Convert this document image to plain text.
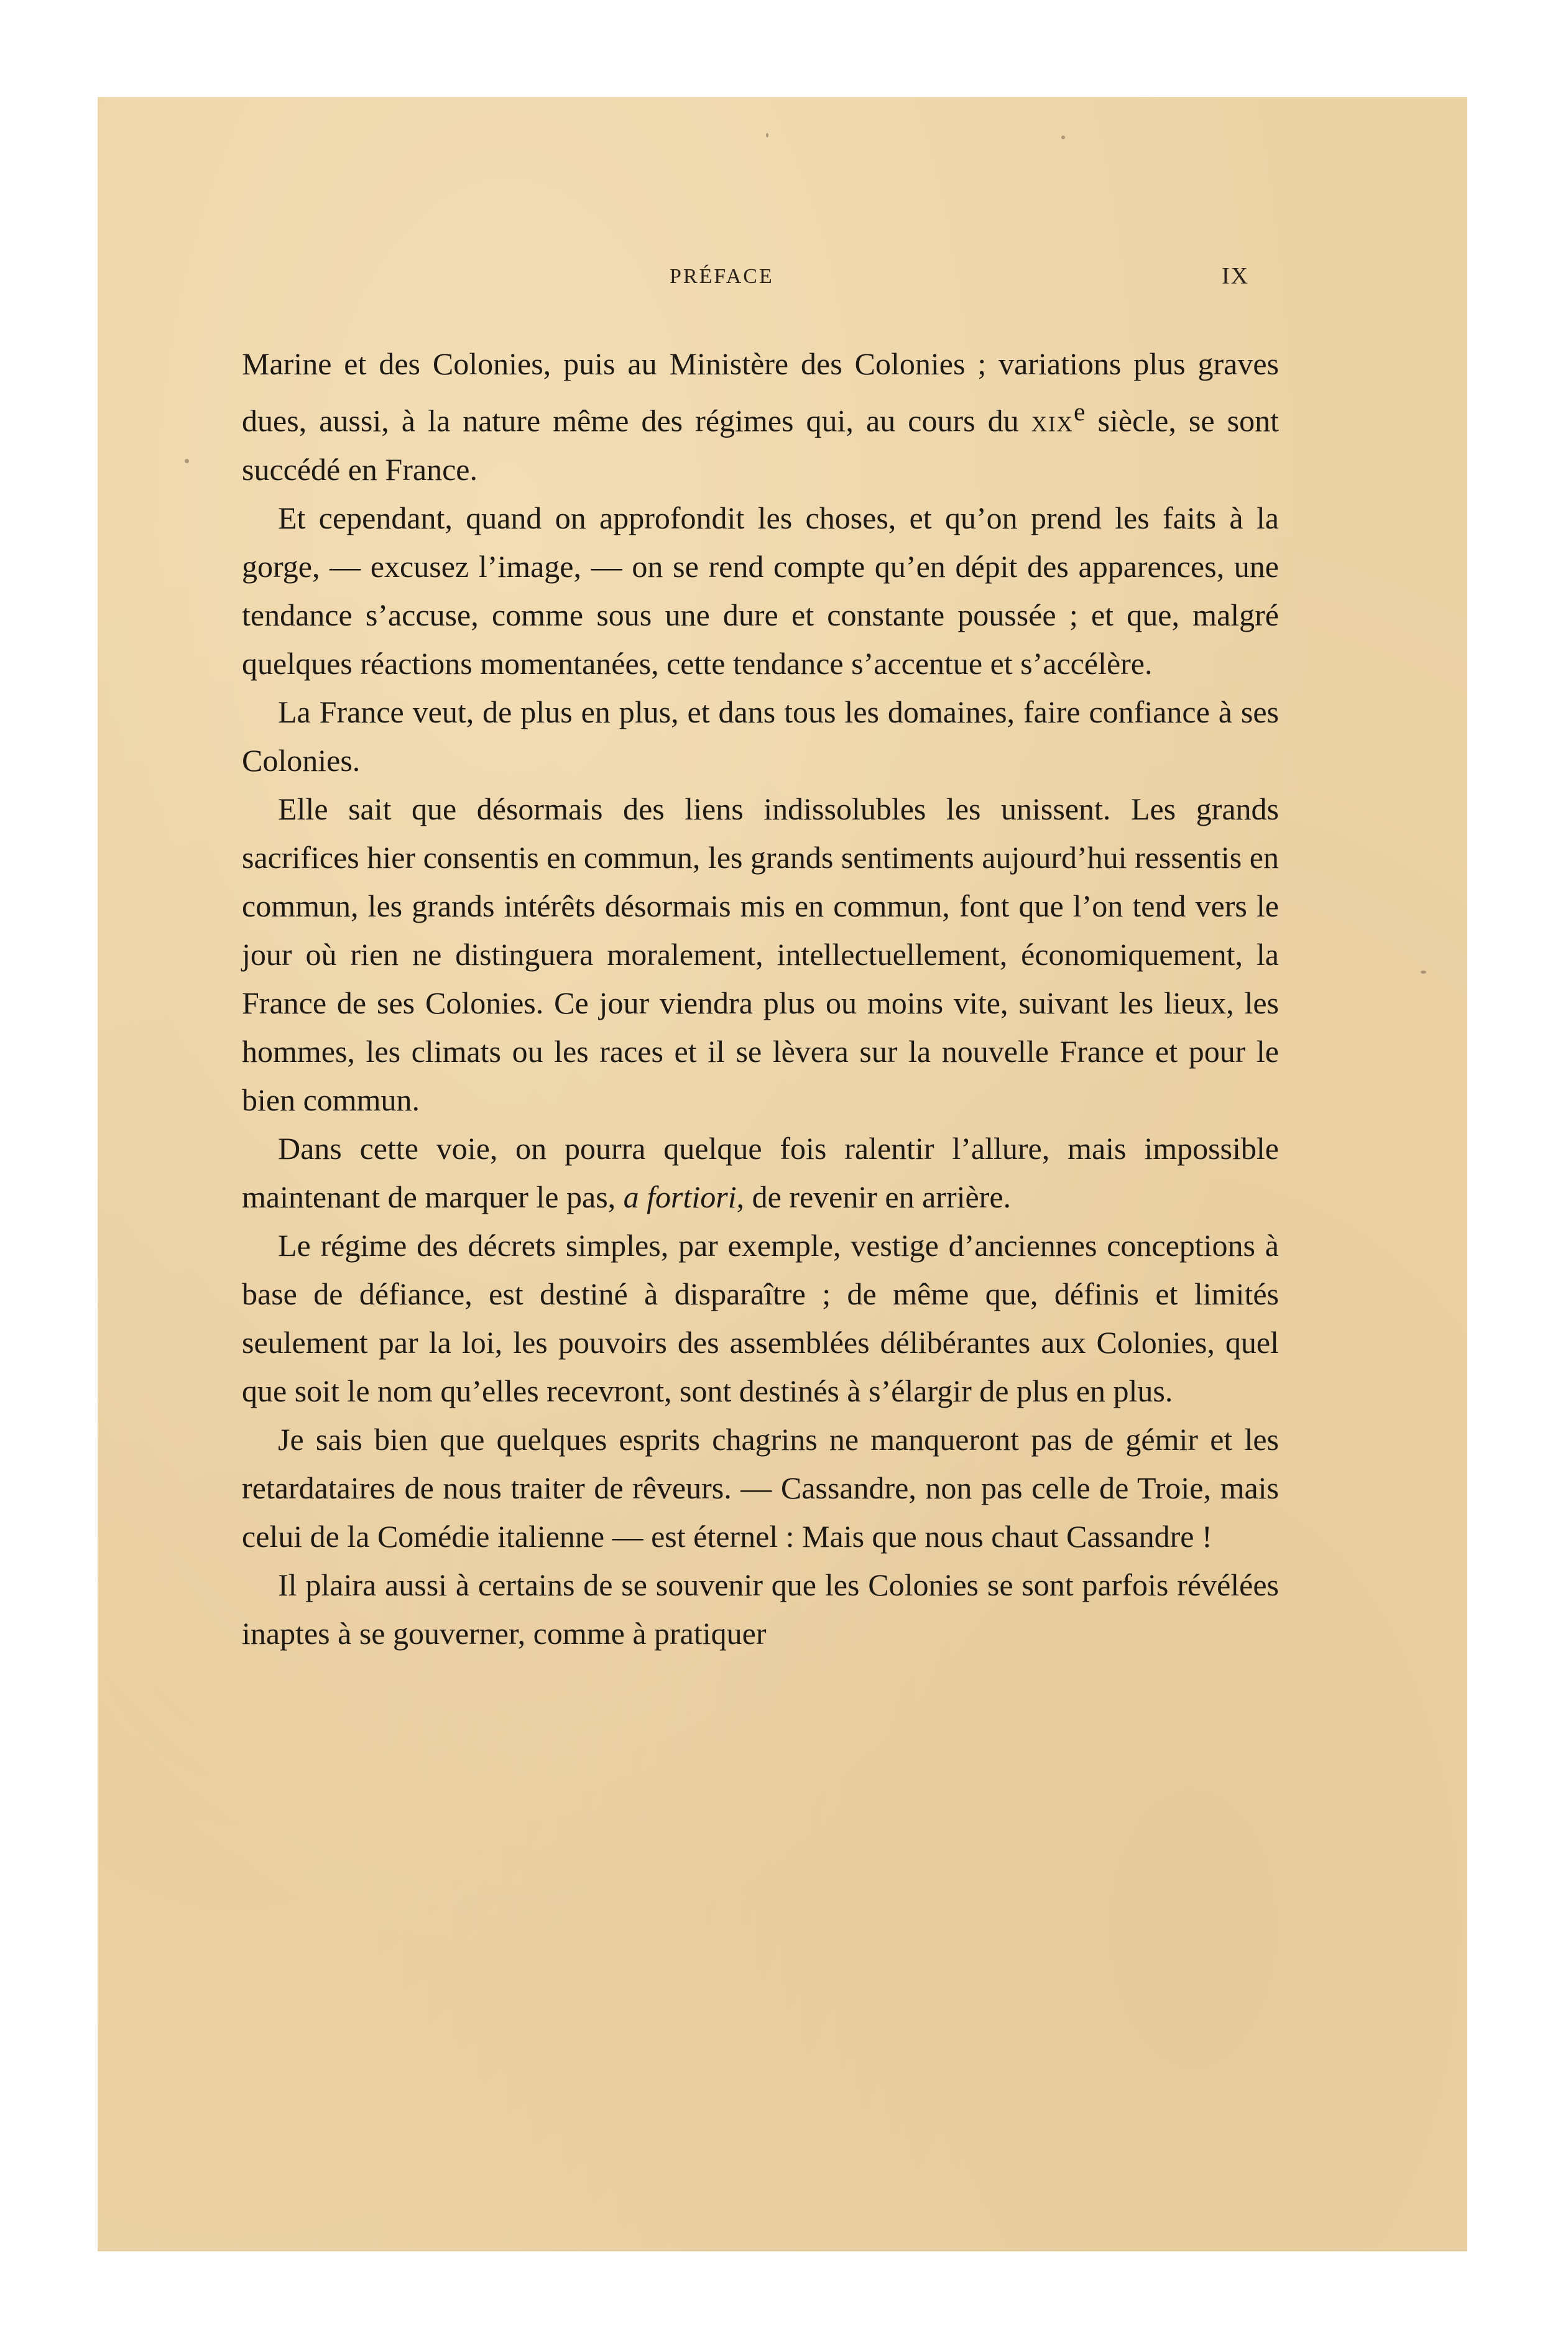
PRÉFACE	IX

Marine et des Colonies, puis au Ministère des Colonies ; variations plus graves dues, aussi, à la nature même des régimes qui, au cours du xix$^e$ siècle, se sont succédé en France.

Et cependant, quand on approfondit les choses, et qu’on prend les faits à la gorge, — excusez l’image, — on se rend compte qu’en dépit des apparences, une tendance s’accuse, comme sous une dure et constante poussée ; et que, malgré quelques réactions momentanées, cette tendance s’accentue et s’accélère.

La France veut, de plus en plus, et dans tous les domaines, faire confiance à ses Colonies.

Elle sait que désormais des liens indissolubles les unissent. Les grands sacrifices hier consentis en commun, les grands sentiments aujourd’hui ressentis en commun, les grands intérêts désormais mis en commun, font que l’on tend vers le jour où rien ne distinguera moralement, intellectuellement, économiquement, la France de ses Colonies. Ce jour viendra plus ou moins vite, suivant les lieux, les hommes, les climats ou les races et il se lèvera sur la nouvelle France et pour le bien commun.

Dans cette voie, on pourra quelque fois ralentir l’allure, mais impossible maintenant de marquer le pas, a fortiori, de revenir en arrière.

Le régime des décrets simples, par exemple, vestige d’anciennes conceptions à base de défiance, est destiné à disparaître ; de même que, définis et limités seulement par la loi, les pouvoirs des assemblées délibérantes aux Colonies, quel que soit le nom qu’elles recevront, sont destinés à s’élargir de plus en plus.

Je sais bien que quelques esprits chagrins ne manqueront pas de gémir et les retardataires de nous traiter de rêveurs. — Cassandre, non pas celle de Troie, mais celui de la Comédie italienne — est éternel : Mais que nous chaut Cassandre !

Il plaira aussi à certains de se souvenir que les Colonies se sont parfois révélées inaptes à se gouverner, comme à pratiquer
